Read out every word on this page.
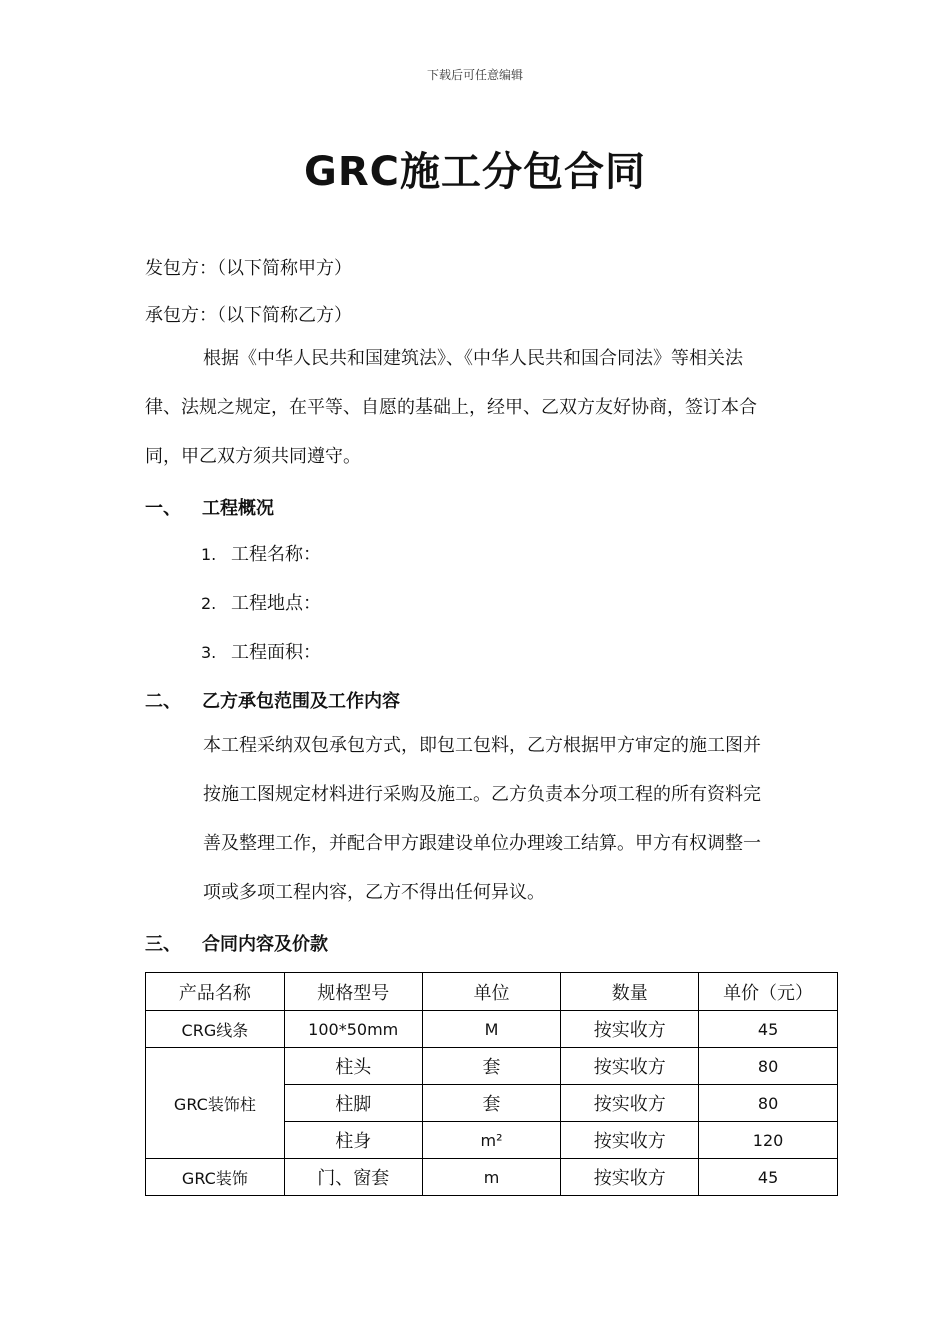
下载后可任意编辑
GRC施工分包合同
发包方：（以下简称甲方）
承包方：（以下简称乙方）
根据《中华人民共和国建筑法》、《中华人民共和国合同法》等相关法
律、法规之规定，在平等、自愿的基础上，经甲、乙双方友好协商，签订本合
同，甲乙双方须共同遵守。
一、 工程概况
1. 工程名称：
2. 工程地点：
3. 工程面积：
二、 乙方承包范围及工作内容
本工程采纳双包承包方式，即包工包料，乙方根据甲方审定的施工图并
按施工图规定材料进行采购及施工。乙方负责本分项工程的所有资料完
善及整理工作，并配合甲方跟建设单位办理竣工结算。甲方有权调整一
项或多项工程内容，乙方不得出任何异议。
三、 合同内容及价款
产品名称	规格型号	单位	数量	单价（元）
CRG线条	100*50mm	M	按实收方	45
GRC装饰柱	柱头	套	按实收方	80
	柱脚	套	按实收方	80
	柱身	m²	按实收方	120
GRC装饰	门、窗套	m	按实收方	45
